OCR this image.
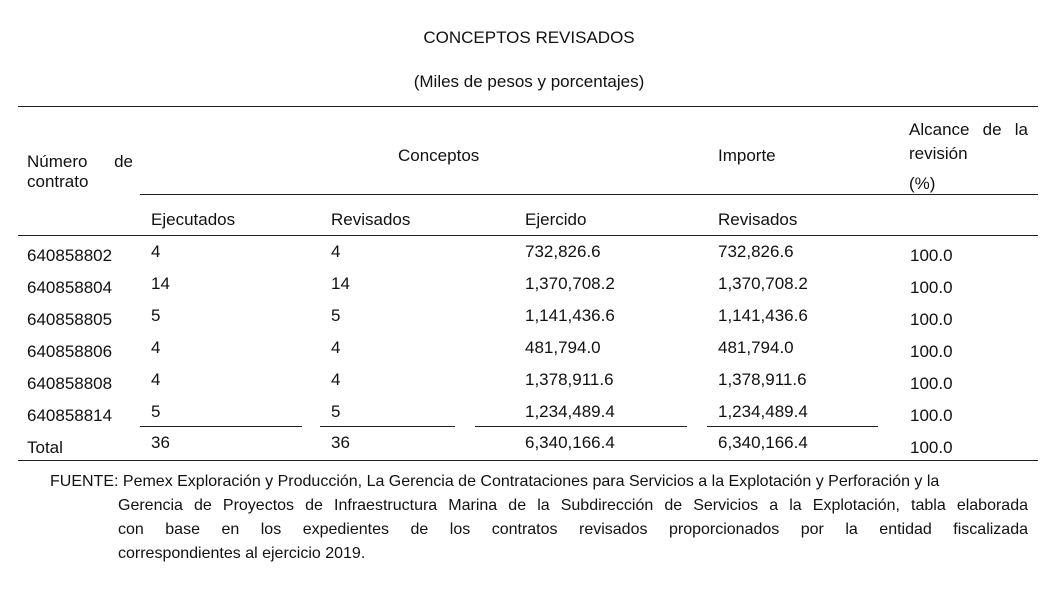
CONCEPTOS REVISADOS
(Miles de pesos y porcentajes)
Número de
contrato
Conceptos	Importe
Alcance de la
revisión
(%)
Ejecutados	Revisados	Ejercido	Revisados
640858802 4	4	732,826.6	732,826.6	100.0
640858804 14	14	1,370,708.2	1,370,708.2	100.0
640858805 5	5	1,141,436.6	1,141,436.6	100.0
640858806 4	4	481,794.0	481,794.0	100.0
640858808 4	4	1,378,911.6	1,378,911.6	100.0
640858814 5	5	1,234,489.4	1,234,489.4	100.0
Total	36	36	6,340,166.4	6,340,166.4	100.0
FUENTE: Pemex Exploración y Producción, La Gerencia de Contrataciones para Servicios a la Explotación y Perforación y la
Gerencia de Proyectos de Infraestructura Marina de la Subdirección de Servicios a la Explotación, tabla elaborada
con base en los expedientes de los contratos revisados proporcionados por la entidad fiscalizada
correspondientes al ejercicio 2019.
